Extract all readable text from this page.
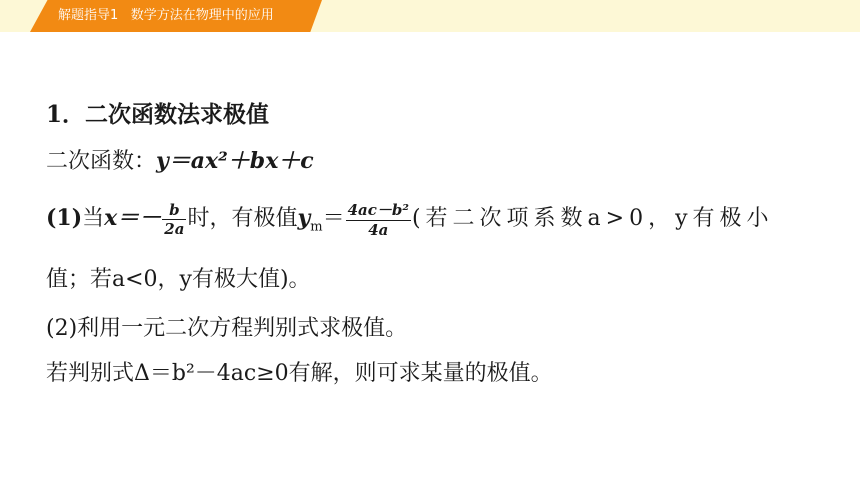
解题指导1 数学方法在物理中的应用
1．二次函数法求极值
二次函数：y＝ax²＋bx＋c
(1)当$x=- \frac{b}{2a}$ 时，有极值$y_m= \frac{\text{4ac－b²}}{4a}$ (若二次项系数a>0，y有极小
值；若a<0，y有极大值)。
(2)利用一元二次方程判别式求极值。
若判别式Δ＝b²－4ac≥0有解，则可求某量的极值。
